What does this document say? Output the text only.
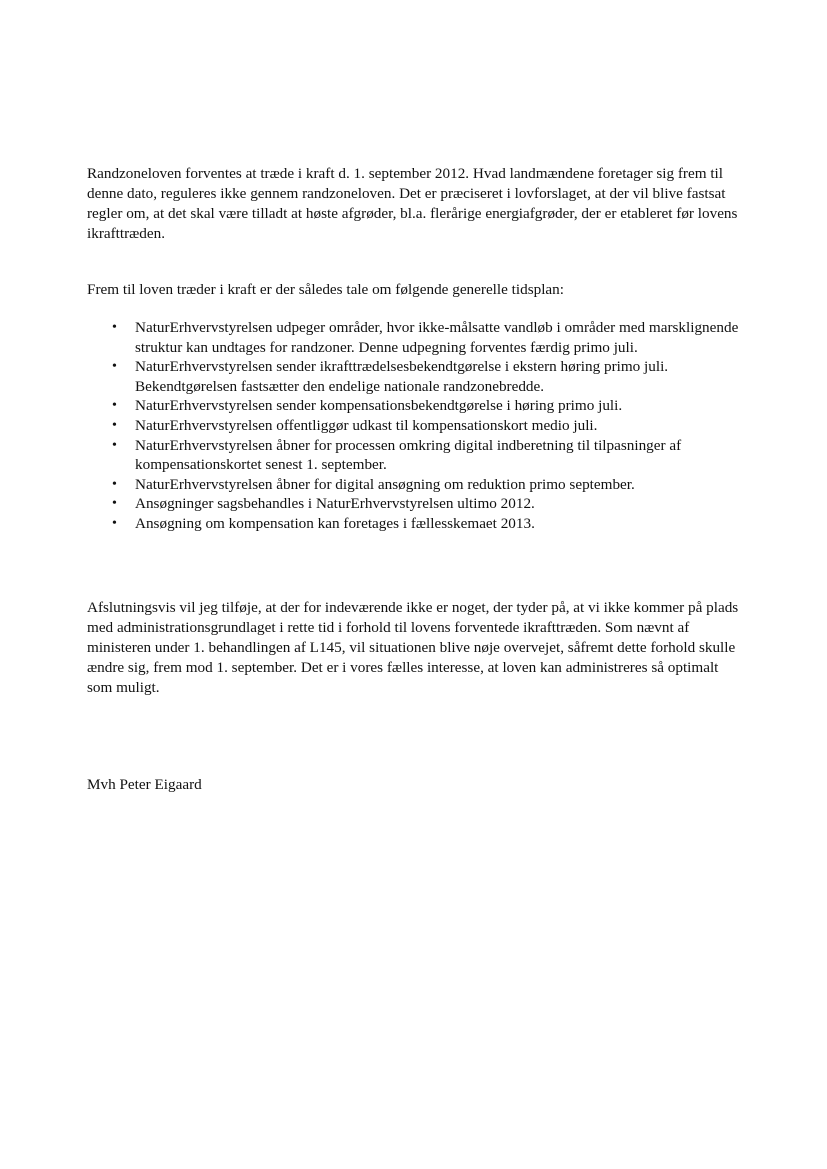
Randzoneloven forventes at træde i kraft d. 1. september 2012. Hvad landmændene foretager sig frem til denne dato, reguleres ikke gennem randzoneloven. Det er præciseret i lovforslaget, at der vil blive fastsat regler om, at det skal være tilladt at høste afgrøder, bl.a. flerårige energiafgrøder, der er etableret før lovens ikrafttræden.

Frem til loven træder i kraft er der således tale om følgende generelle tidsplan:

• NaturErhvervstyrelsen udpeger områder, hvor ikke-målsatte vandløb i områder med marsklignende struktur kan undtages for randzoner. Denne udpegning forventes færdig primo juli.
• NaturErhvervstyrelsen sender ikrafttrædelsesbekendtgørelse i ekstern høring primo juli. Bekendtgørelsen fastsætter den endelige nationale randzonebredde.
• NaturErhvervstyrelsen sender kompensationsbekendtgørelse i høring primo juli.
• NaturErhvervstyrelsen offentliggør udkast til kompensationskort medio juli.
• NaturErhvervstyrelsen åbner for processen omkring digital indberetning til tilpasninger af kompensationskortet senest 1. september.
• NaturErhvervstyrelsen åbner for digital ansøgning om reduktion primo september.
• Ansøgninger sagsbehandles i NaturErhvervstyrelsen ultimo 2012.
• Ansøgning om kompensation kan foretages i fællesskemaet 2013.

Afslutningsvis vil jeg tilføje, at der for indeværende ikke er noget, der tyder på, at vi ikke kommer på plads med administrationsgrundlaget i rette tid i forhold til lovens forventede ikrafttræden. Som nævnt af ministeren under 1. behandlingen af L145, vil situationen blive nøje overvejet, såfremt dette forhold skulle ændre sig, frem mod 1. september. Det er i vores fælles interesse, at loven kan administreres så optimalt som muligt.

Mvh Peter Eigaard
